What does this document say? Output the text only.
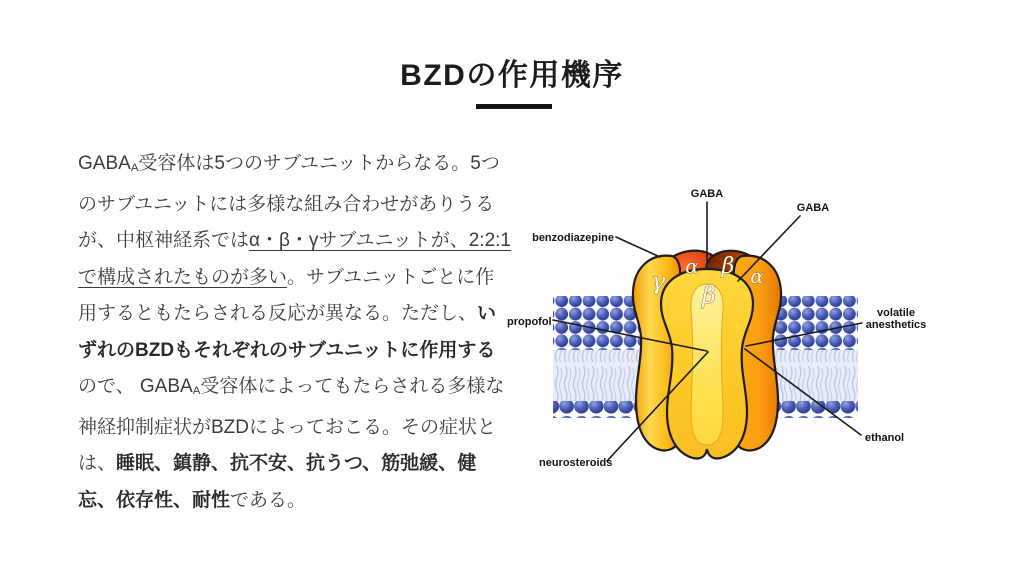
BZDの作用機序
GABAA受容体は5つのサブユニットからなる。5つのサブユニットには多様な組み合わせがありうるが、中枢神経系ではα・β・γサブユニットが、2:2:1で構成されたものが多い。サブユニットごとに作用するともたらされる反応が異なる。ただし、いずれのBZDもそれぞれのサブユニットに作用するので、 GABAA受容体によってもたらされる多様な神経抑制症状がBZDによっておこる。その症状とは、睡眠、鎮静、抗不安、抗うつ、筋弛緩、健忘、依存性、耐性である。
GABA
GABA
benzodiazepine
propofol
volatile
anesthetics
ethanol
neurosteroids
γ
α β α
β
